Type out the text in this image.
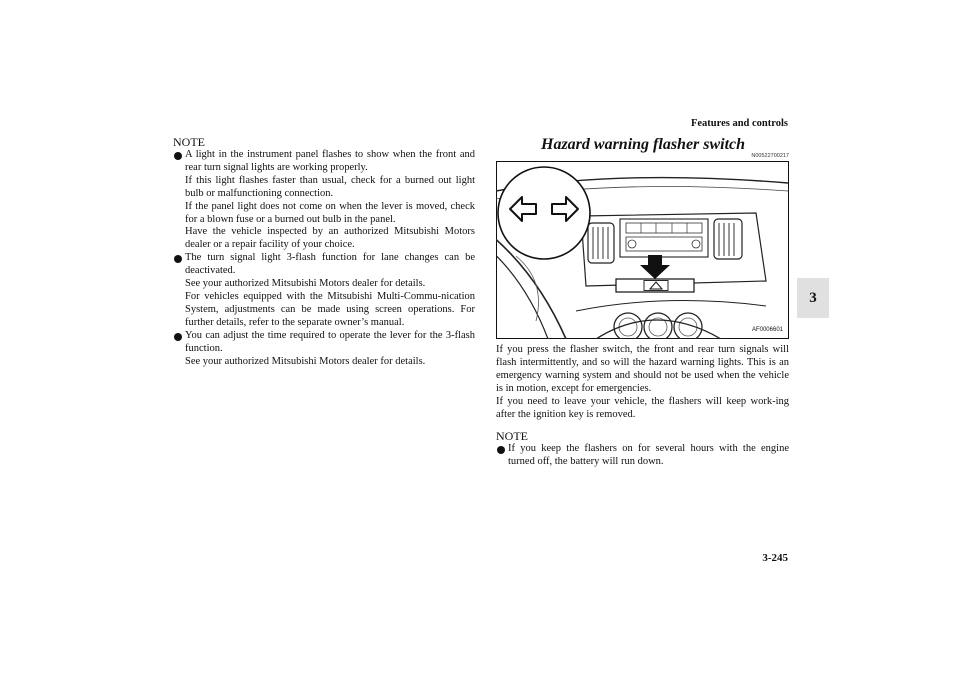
Features and controls
3
3-245
NOTE

A light in the instrument panel flashes to show when the front and rear turn signal lights are working properly.

If this light flashes faster than usual, check for a burned out light bulb or malfunctioning connection.

If the panel light does not come on when the lever is moved, check for a blown fuse or a burned out bulb in the panel.

Have the vehicle inspected by an authorized Mitsubishi Motors dealer or a repair facility of your choice.

The turn signal light 3-flash function for lane changes can be deactivated.

See your authorized Mitsubishi Motors dealer for details.

For vehicles equipped with the Mitsubishi Multi-Commu-nication System, adjustments can be made using screen operations. For further details, refer to the separate owner’s manual.

You can adjust the time required to operate the lever for the 3-flash function.

See your authorized Mitsubishi Motors dealer for details.

Hazard warning flasher switch
N00522700217
AF0006601

If you press the flasher switch, the front and rear turn signals will flash intermittently, and so will the hazard warning lights. This is an emergency warning system and should not be used when the vehicle is in motion, except for emergencies.

If you need to leave your vehicle, the flashers will keep work-ing after the ignition key is removed.

NOTE

If you keep the flashers on for several hours with the engine turned off, the battery will run down.
